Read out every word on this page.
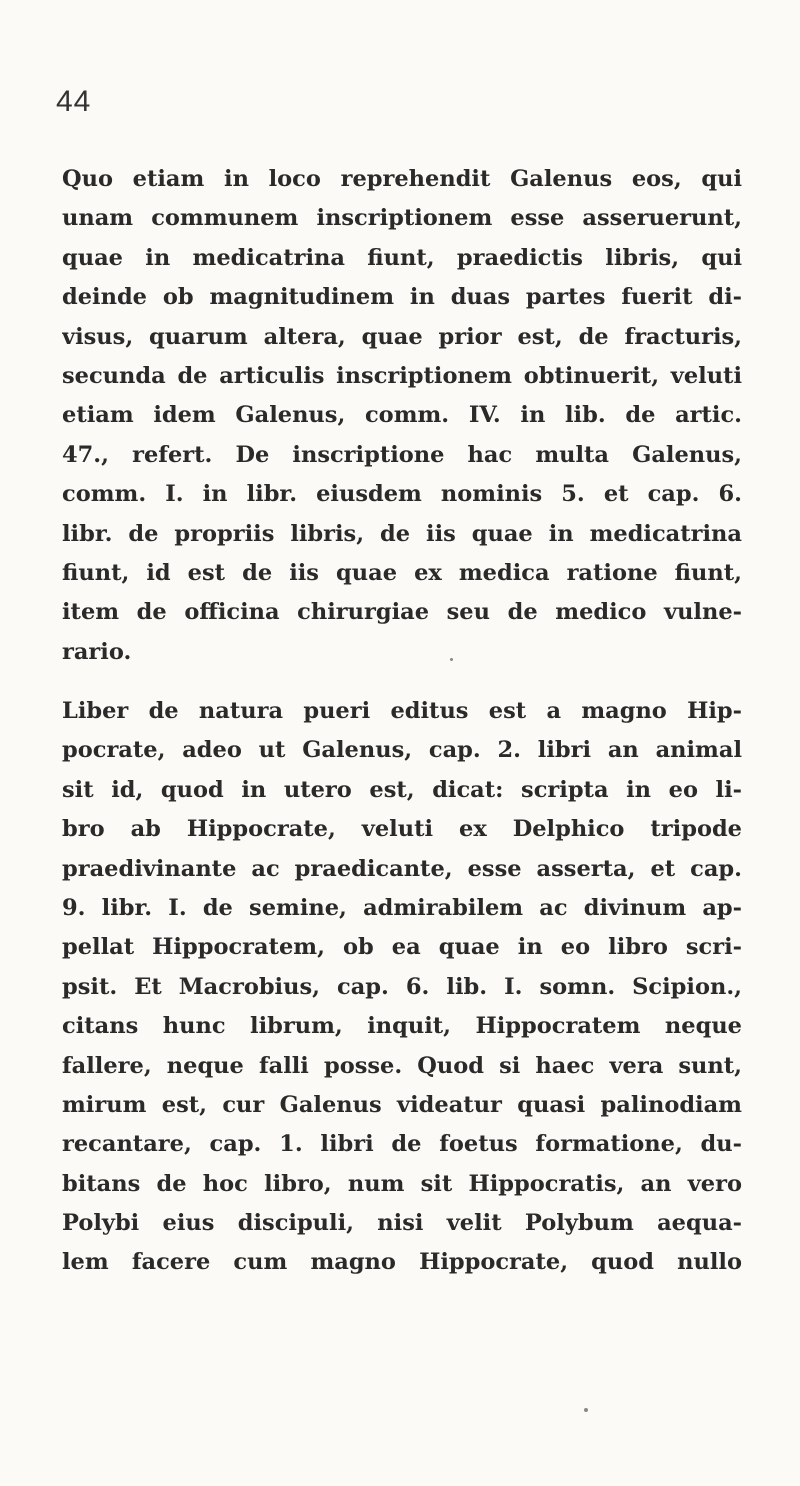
44
Quo etiam in loco reprehendit Galenus eos, qui
unam communem inscriptionem esse asseruerunt,
quae in medicatrina fiunt, praedictis libris, qui
deinde ob magnitudinem in duas partes fuerit di-
visus, quarum altera, quae prior est, de fracturis,
secunda de articulis inscriptionem obtinuerit, veluti
etiam idem Galenus, comm. IV. in lib. de artic.
47., refert. De inscriptione hac multa Galenus,
comm. I. in libr. eiusdem nominis 5. et cap. 6.
libr. de propriis libris, de iis quae in medicatrina
fiunt, id est de iis quae ex medica ratione fiunt,
item de officina chirurgiae seu de medico vulne-
rario.
Liber de natura pueri editus est a magno Hip-
pocrate, adeo ut Galenus, cap. 2. libri an animal
sit id, quod in utero est, dicat: scripta in eo li-
bro ab Hippocrate, veluti ex Delphico tripode
praedivinante ac praedicante, esse asserta, et cap.
9. libr. I. de semine, admirabilem ac divinum ap-
pellat Hippocratem, ob ea quae in eo libro scri-
psit. Et Macrobius, cap. 6. lib. I. somn. Scipion.,
citans hunc librum, inquit, Hippocratem neque
fallere, neque falli posse. Quod si haec vera sunt,
mirum est, cur Galenus videatur quasi palinodiam
recantare, cap. 1. libri de foetus formatione, du-
bitans de hoc libro, num sit Hippocratis, an vero
Polybi eius discipuli, nisi velit Polybum aequa-
lem facere cum magno Hippocrate, quod nullo
